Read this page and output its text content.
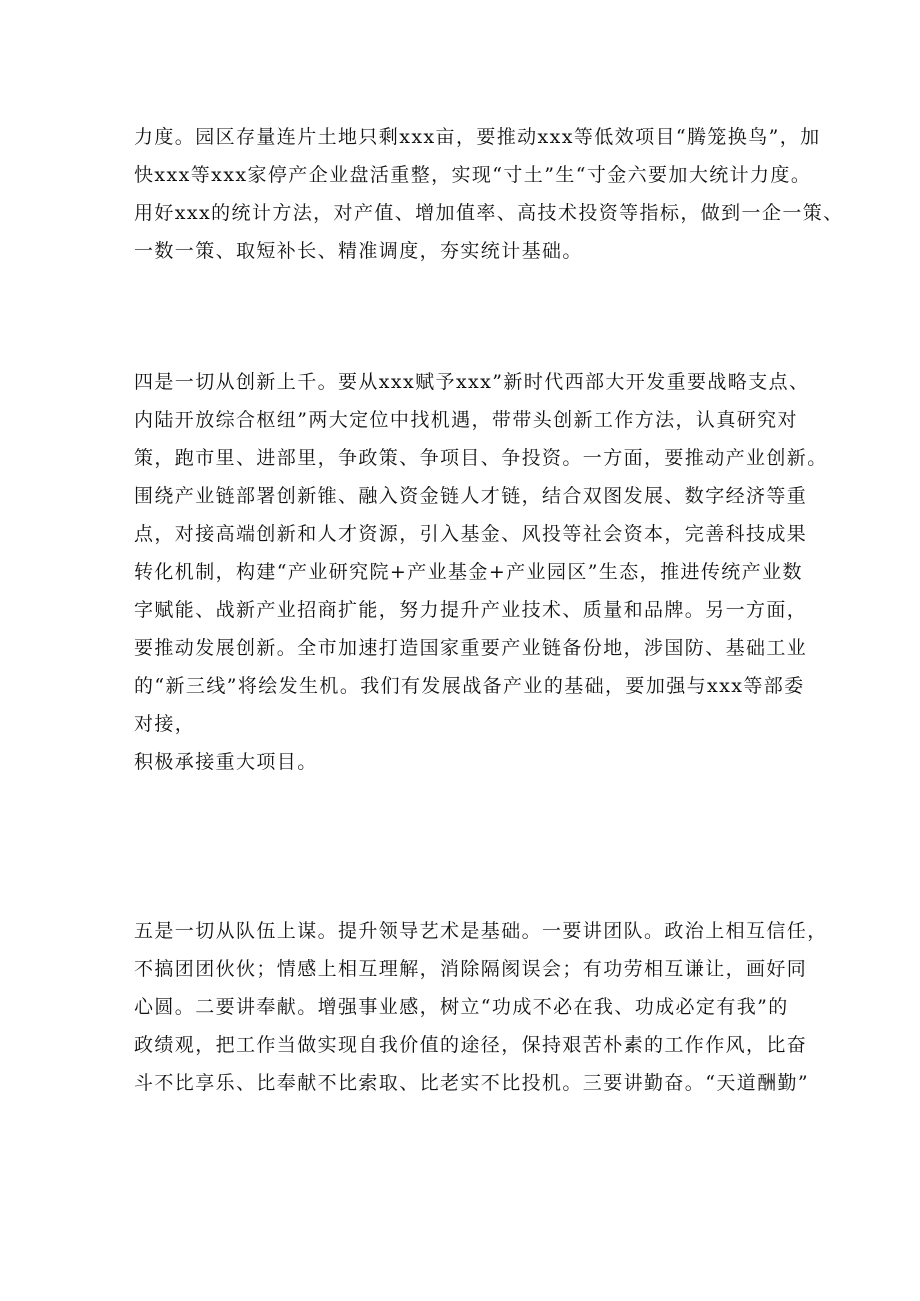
力度。园区存量连片土地只剩xxx亩，要推动xxx等低效项目“腾笼换鸟”，加
快xxx等xxx家停产企业盘活重整，实现“寸土”生“寸金六要加大统计力度。
用好xxx的统计方法，对产值、增加值率、高技术投资等指标，做到一企一策、
一数一策、取短补长、精准调度，夯实统计基础。
四是一切从创新上千。要从xxx赋予xxx”新时代西部大开发重要战略支点、
内陆开放综合枢纽”两大定位中找机遇，带带头创新工作方法，认真研究对
策，跑市里、进部里，争政策、争项目、争投资。一方面，要推动产业创新。
围绕产业链部署创新锥、融入资金链人才链，结合双图发展、数字经济等重
点，对接高端创新和人才资源，引入基金、风投等社会资本，完善科技成果
转化机制，构建“产业研究院+产业基金+产业园区”生态，推进传统产业数
字赋能、战新产业招商扩能，努力提升产业技术、质量和品牌。另一方面，
要推动发展创新。全市加速打造国家重要产业链备份地，涉国防、基础工业
的“新三线”将绘发生机。我们有发展战备产业的基础，要加强与xxx等部委
对接，
积极承接重大项目。
五是一切从队伍上谋。提升领导艺术是基础。一要讲团队。政治上相互信任，
不搞团团伙伙；情感上相互理解，消除隔阂误会；有功劳相互谦让，画好同
心圆。二要讲奉献。增强事业感，树立“功成不必在我、功成必定有我”的
政绩观，把工作当做实现自我价值的途径，保持艰苦朴素的工作作风，比奋
斗不比享乐、比奉献不比索取、比老实不比投机。三要讲勤奋。“天道酬勤”
